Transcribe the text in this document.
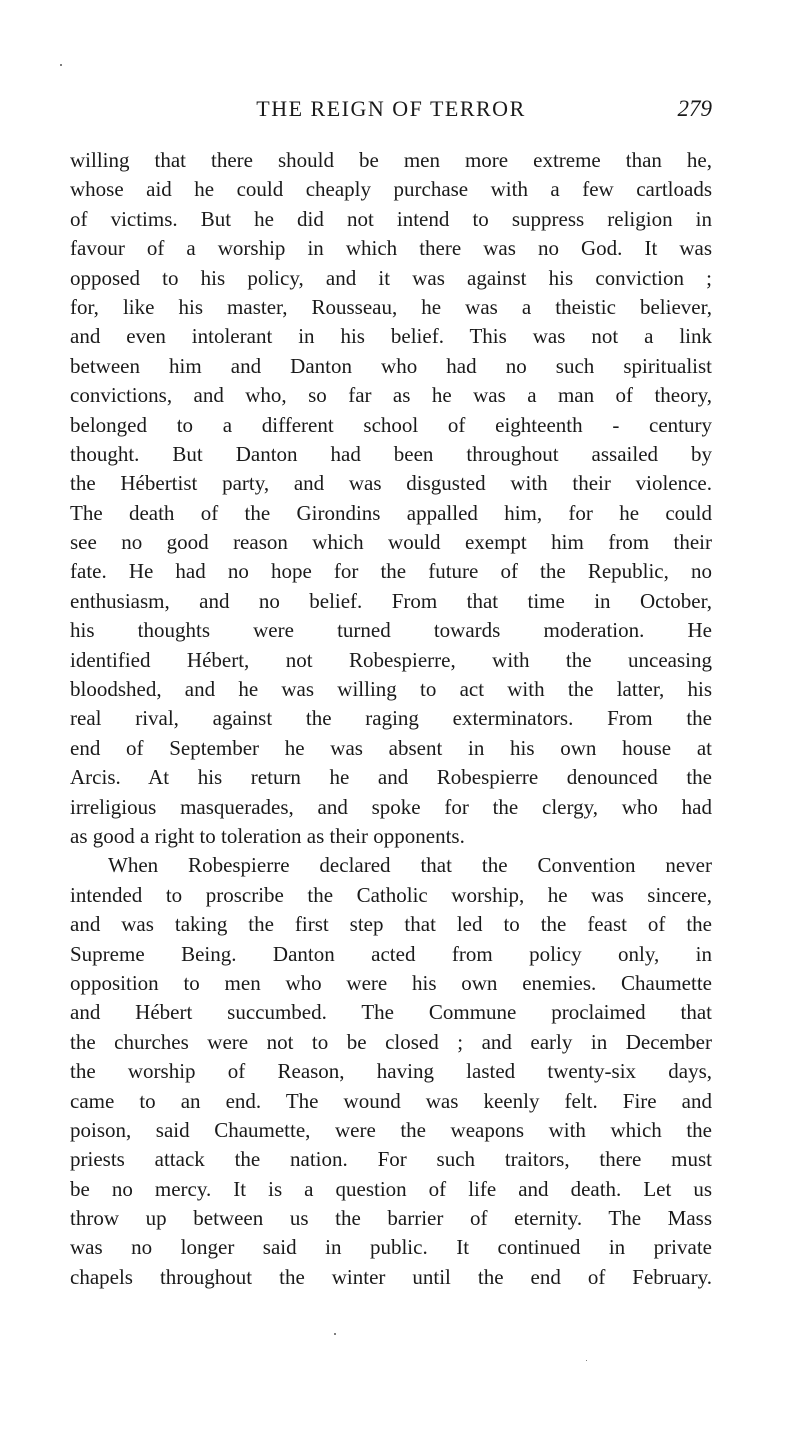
THE REIGN OF TERROR	279
willing that there should be men more extreme than he,
whose aid he could cheaply purchase with a few cartloads
of victims. But he did not intend to suppress religion in
favour of a worship in which there was no God. It was
opposed to his policy, and it was against his conviction ;
for, like his master, Rousseau, he was a theistic believer,
and even intolerant in his belief. This was not a link
between him and Danton who had no such spiritualist
convictions, and who, so far as he was a man of theory,
belonged to a different school of eighteenth - century
thought. But Danton had been throughout assailed by
the Hébertist party, and was disgusted with their violence.
The death of the Girondins appalled him, for he could
see no good reason which would exempt him from their
fate. He had no hope for the future of the Republic, no
enthusiasm, and no belief. From that time in October,
his thoughts were turned towards moderation. He
identified Hébert, not Robespierre, with the unceasing
bloodshed, and he was willing to act with the latter, his
real rival, against the raging exterminators. From the
end of September he was absent in his own house at
Arcis. At his return he and Robespierre denounced the
irreligious masquerades, and spoke for the clergy, who had
as good a right to toleration as their opponents.
When Robespierre declared that the Convention never
intended to proscribe the Catholic worship, he was sincere,
and was taking the first step that led to the feast of the
Supreme Being. Danton acted from policy only, in
opposition to men who were his own enemies. Chaumette
and Hébert succumbed. The Commune proclaimed that
the churches were not to be closed ; and early in December
the worship of Reason, having lasted twenty-six days,
came to an end. The wound was keenly felt. Fire and
poison, said Chaumette, were the weapons with which the
priests attack the nation. For such traitors, there must
be no mercy. It is a question of life and death. Let us
throw up between us the barrier of eternity. The Mass
was no longer said in public. It continued in private
chapels throughout the winter until the end of February.
